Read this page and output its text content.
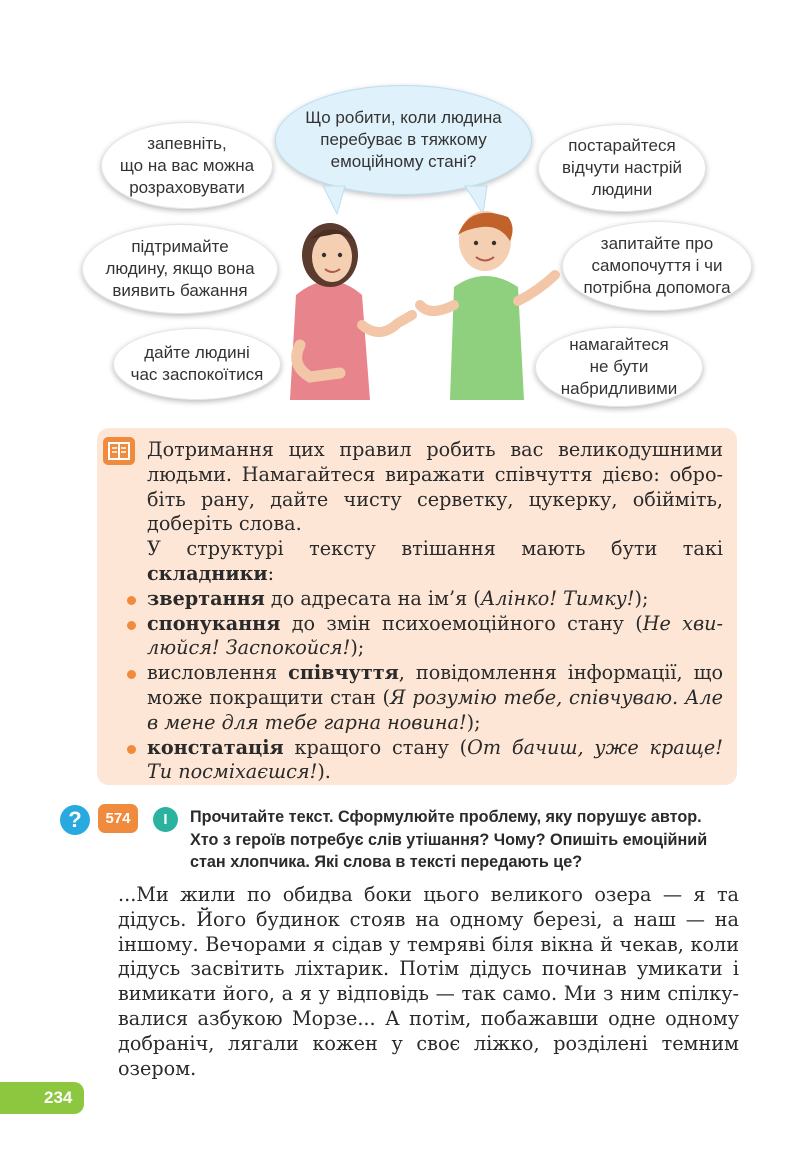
Що робити, коли людина
перебуває в тяжкому
емоційному стані?
запевніть,
що на вас можна
розраховувати
підтримайте
людину, якщо вона
виявить бажання
дайте людині
час заспокоїтися
постарайтеся
відчути настрій
людини
запитайте про
самопочуття і чи
потрібна допомога
намагайтеся
не бути
набридливими

Дотримання цих правил робить вас великодушними людьми. Намагайтеся виражати співчуття дієво: обробіть рану, дайте чисту серветку, цукерку, обійміть, доберіть слова.

У структурі тексту втішання мають бути такі складники:

звертання до адресата на ім’я (Алінко! Тимку!);
спонукання до змін психоемоційного стану (Не хвилюйся! Заспокойся!);
висловлення співчуття, повідомлення інформації, що може покращити стан (Я розумію тебе, співчуваю. Але в мене для тебе гарна новина!);
констатація кращого стану (От бачиш, уже краще! Ти посміхаєшся!).
?	574	I	Прочитайте текст. Сформулюйте проблему, яку порушує автор.
Хто з героїв потребує слів утішання? Чому? Опишіть емоційний
стан хлопчика. Які слова в тексті передають це?
...Ми жили по обидва боки цього великого озера — я та
дідусь. Його будинок стояв на одному березі, а наш — на
іншому. Вечорами я сідав у темряві біля вікна й чекав, коли
дідусь засвітить ліхтарик. Потім дідусь починав умикати і
вимикати його, а я у відповідь — так само. Ми з ним спілку-
валися азбукою Морзе... А потім, побажавши одне одному
добраніч, лягали кожен у своє ліжко, розділені темним
озером.
234
